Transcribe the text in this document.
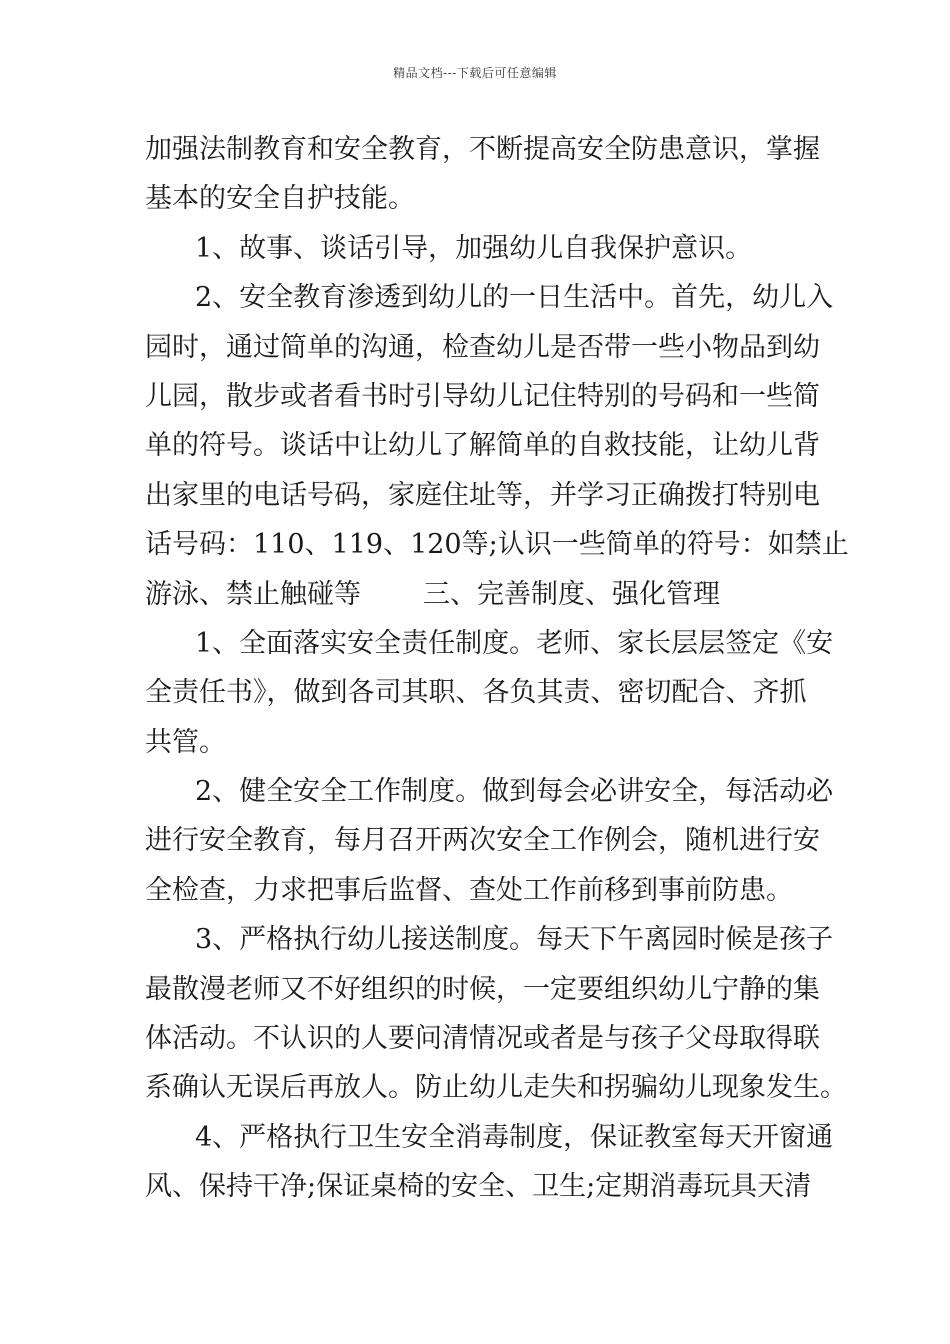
精品文档---下载后可任意编辑
加强法制教育和安全教育，不断提高安全防患意识，掌握
基本的安全自护技能。
1、故事、谈话引导，加强幼儿自我保护意识。
2、安全教育渗透到幼儿的一日生活中。首先，幼儿入
园时，通过简单的沟通，检查幼儿是否带一些小物品到幼
儿园，散步或者看书时引导幼儿记住特别的号码和一些简
单的符号。谈话中让幼儿了解简单的自救技能，让幼儿背
出家里的电话号码，家庭住址等，并学习正确拨打特别电
话号码：110、119、120等;认识一些简单的符号：如禁止
游泳、禁止触碰等 三、完善制度、强化管理
1、全面落实安全责任制度。老师、家长层层签定《安
全责任书》，做到各司其职、各负其责、密切配合、齐抓
共管。
2、健全安全工作制度。做到每会必讲安全，每活动必
进行安全教育，每月召开两次安全工作例会，随机进行安
全检查，力求把事后监督、查处工作前移到事前防患。
3、严格执行幼儿接送制度。每天下午离园时候是孩子
最散漫老师又不好组织的时候，一定要组织幼儿宁静的集
体活动。不认识的人要问清情况或者是与孩子父母取得联
系确认无误后再放人。防止幼儿走失和拐骗幼儿现象发生。
4、严格执行卫生安全消毒制度，保证教室每天开窗通
风、保持干净;保证桌椅的安全、卫生;定期消毒玩具天清
